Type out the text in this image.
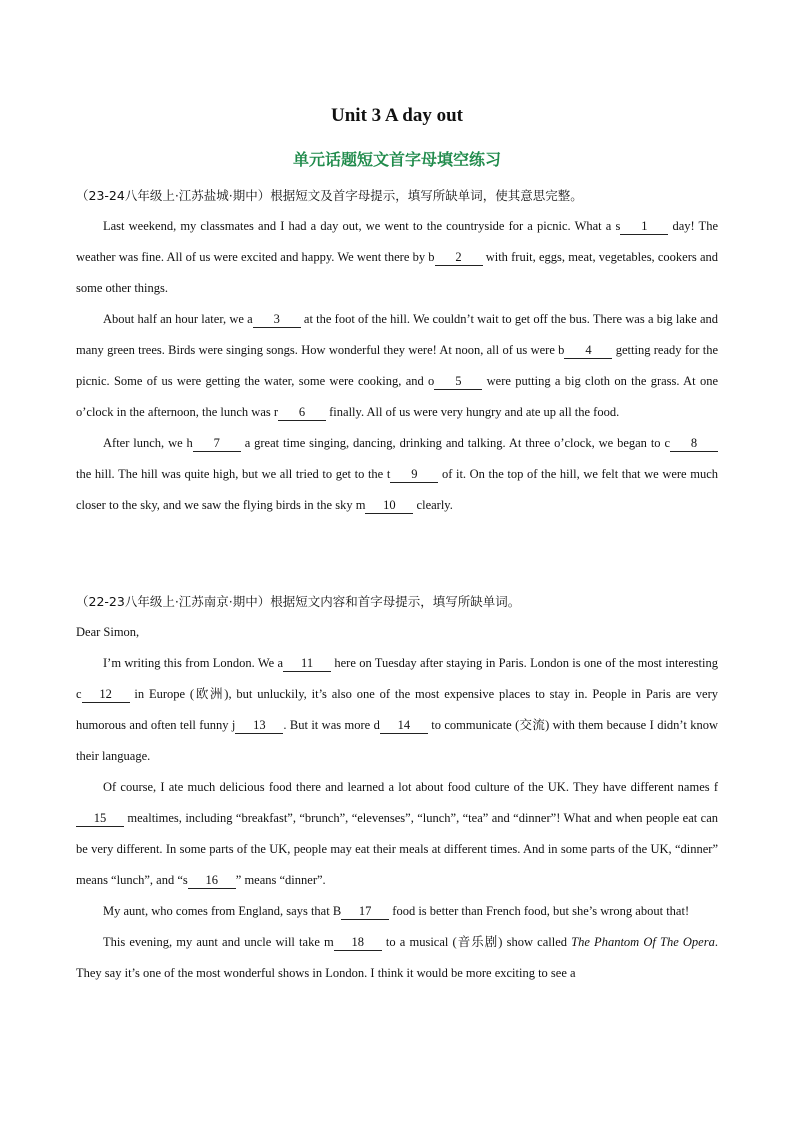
Unit 3 A day out
单元话题短文首字母填空练习

（23-24八年级上·江苏盐城·期中）根据短文及首字母提示，填写所缺单词，使其意思完整。

Last weekend, my classmates and I had a day out, we went to the countryside for a picnic. What a s 1 day! The weather was fine. All of us were excited and happy. We went there by b 2 with fruit, eggs, meat, vegetables, cookers and some other things.

About half an hour later, we a 3 at the foot of the hill. We couldn’t wait to get off the bus. There was a big lake and many green trees. Birds were singing songs. How wonderful they were! At noon, all of us were b 4 getting ready for the picnic. Some of us were getting the water, some were cooking, and o 5 were putting a big cloth on the grass. At one o’clock in the afternoon, the lunch was r 6 finally. All of us were very hungry and ate up all the food.

After lunch, we h 7 a great time singing, dancing, drinking and talking. At three o’clock, we began to c 8 the hill. The hill was quite high, but we all tried to get to the t 9 of it. On the top of the hill, we felt that we were much closer to the sky, and we saw the flying birds in the sky m 10 clearly.

（22-23八年级上·江苏南京·期中）根据短文内容和首字母提示，填写所缺单词。

Dear Simon,

I’m writing this from London. We a 11 here on Tuesday after staying in Paris. London is one of the most interesting c 12 in Europe (欧洲), but unluckily, it’s also one of the most expensive places to stay in. People in Paris are very humorous and often tell funny j 13 . But it was more d 14 to communicate (交流) with them because I didn’t know their language.

Of course, I ate much delicious food there and learned a lot about food culture of the UK. They have different names f15 mealtimes, including “breakfast”, “brunch”, “elevenses”, “lunch”, “tea” and “dinner”! What and when people eat can be very different. In some parts of the UK, people may eat their meals at different times. And in some parts of the UK, “dinner” means “lunch”, and “s 16 ” means “dinner”.

My aunt, who comes from England, says that B 17 food is better than French food, but she’s wrong about that!

This evening, my aunt and uncle will take m 18 to a musical (音乐剧) show called The Phantom Of The Opera. They say it’s one of the most wonderful shows in London. I think it would be more exciting to see a
